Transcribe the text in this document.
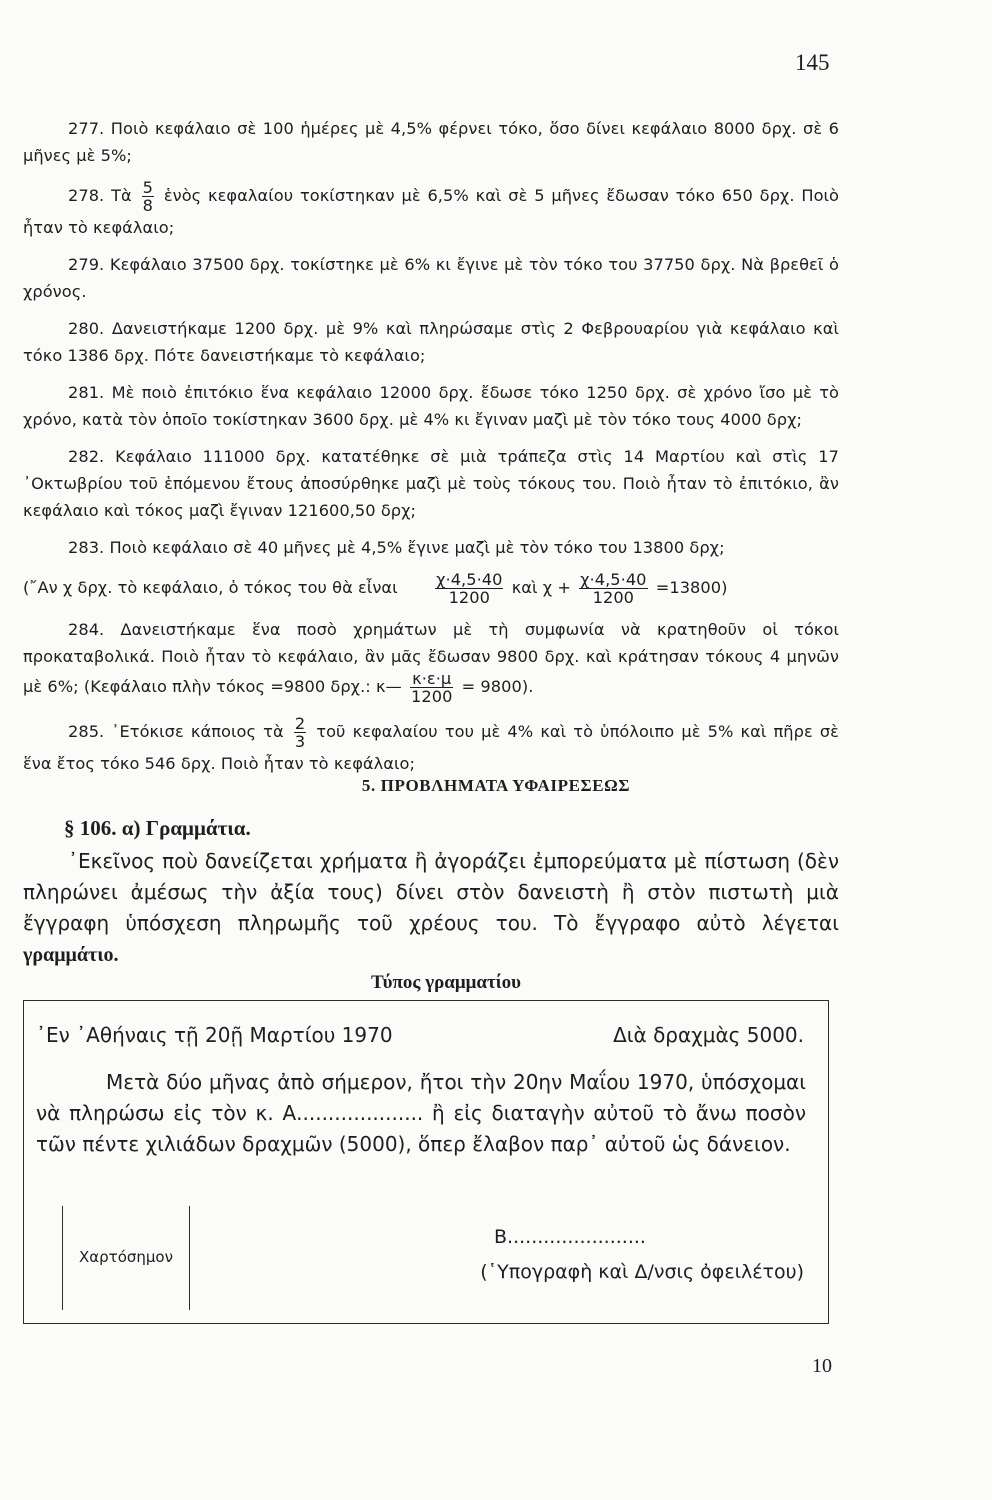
145

277. Ποιὸ κεφάλαιο σὲ 100 ἡμέρες μὲ 4,5% φέρνει τόκο, ὅσο δίνει κεφάλαιο 8000 δρχ. σὲ 6 μῆνες μὲ 5%;

278. Τὰ $\frac{5}{8}$ ἑνὸς κεφαλαίου τοκίστηκαν μὲ 6,5% καὶ σὲ 5 μῆνες ἔδωσαν τόκο 650 δρχ. Ποιὸ ἦταν τὸ κεφάλαιο;

279. Κεφάλαιο 37500 δρχ. τοκίστηκε μὲ 6% κι ἔγινε μὲ τὸν τόκο του 37750 δρχ. Νὰ βρεθεῖ ὁ χρόνος.

280. Δανειστήκαμε 1200 δρχ. μὲ 9% καὶ πληρώσαμε στὶς 2 Φεβρουαρίου γιὰ κεφάλαιο καὶ τόκο 1386 δρχ. Πότε δανειστήκαμε τὸ κεφάλαιο;

281. Μὲ ποιὸ ἐπιτόκιο ἕνα κεφάλαιο 12000 δρχ. ἔδωσε τόκο 1250 δρχ. σὲ χρόνο ἴσο μὲ τὸ χρόνο, κατὰ τὸν ὁποῖο τοκίστηκαν 3600 δρχ. μὲ 4% κι ἔγιναν μαζὶ μὲ τὸν τόκο τους 4000 δρχ;

282. Κεφάλαιο 111000 δρχ. κατατέθηκε σὲ μιὰ τράπεζα στὶς 14 Μαρτίου καὶ στὶς 17 ᾿Οκτωβρίου τοῦ ἑπόμενου ἔτους ἀποσύρθηκε μαζὶ μὲ τοὺς τόκους του. Ποιὸ ἦταν τὸ ἐπιτόκιο, ἂν κεφάλαιο καὶ τόκος μαζὶ ἔγιναν 121600,50 δρχ;

283. Ποιὸ κεφάλαιο σὲ 40 μῆνες μὲ 4,5% ἔγινε μαζὶ μὲ τὸν τόκο του 13800 δρχ;

(῎Αν χ δρχ. τὸ κεφάλαιο, ὁ τόκος του θὰ εἶναι $\frac{\chi\cdot 4,5\cdot 40}{1200}$ καὶ $\chi + \frac{\chi\cdot 4,5\cdot 40}{1200} =13800$)

284. Δανειστήκαμε ἕνα ποσὸ χρημάτων μὲ τὴ συμφωνία νὰ κρατηθοῦν οἱ τόκοι προκαταβολικά. Ποιὸ ἦταν τὸ κεφάλαιο, ἂν μᾶς ἔδωσαν 9800 δρχ. καὶ κράτησαν τόκους 4 μηνῶν μὲ 6%; (Κεφάλαιο πλὴν τόκος =9800 δρχ.: κ— $\frac{\kappa\cdot\varepsilon\cdot\mu}{1200} = 9800$).

285. ᾿Ετόκισε κάποιος τὰ $\frac{2}{3}$ τοῦ κεφαλαίου του μὲ 4% καὶ τὸ ὑπόλοιπο μὲ 5% καὶ πῆρε σὲ ἕνα ἔτος τόκο 546 δρχ. Ποιὸ ἦταν τὸ κεφάλαιο;

5. ΠΡΟΒΛΗΜΑΤΑ ΥΦΑΙΡΕΣΕΩΣ
§ 106. α) Γραμμάτια.

᾿Εκεῖνος ποὺ δανείζεται χρήματα ἢ ἀγοράζει ἐμπορεύματα μὲ πίστωση (δὲν πληρώνει ἀμέσως τὴν ἀξία τους) δίνει στὸν δανειστὴ ἢ στὸν πιστωτὴ μιὰ ἔγγραφη ὑπόσχεση πληρωμῆς τοῦ χρέους του. Τὸ ἔγγραφο αὐτὸ λέγεται γραμμάτιο.

Τύπος γραμματίου
᾿Εν ᾿Αθήναις τῇ 20ῇ Μαρτίου 1970	Διὰ δραχμὰς 5000.

Μετὰ δύο μῆνας ἀπὸ σήμερον, ἤτοι τὴν 20ην Μαΐου 1970, ὑπόσχομαι νὰ πληρώσω εἰς τὸν κ. Α.................... ἢ εἰς διαταγὴν αὐτοῦ τὸ ἄνω ποσὸν τῶν πέντε χιλιάδων δραχμῶν (5000), ὅπερ ἔλαβον παρ᾿ αὐτοῦ ὡς δάνειον.

Χαρτόσημον
Β.......................
(῾Υπογραφὴ καὶ Δ/νσις ὀφειλέτου)
10
